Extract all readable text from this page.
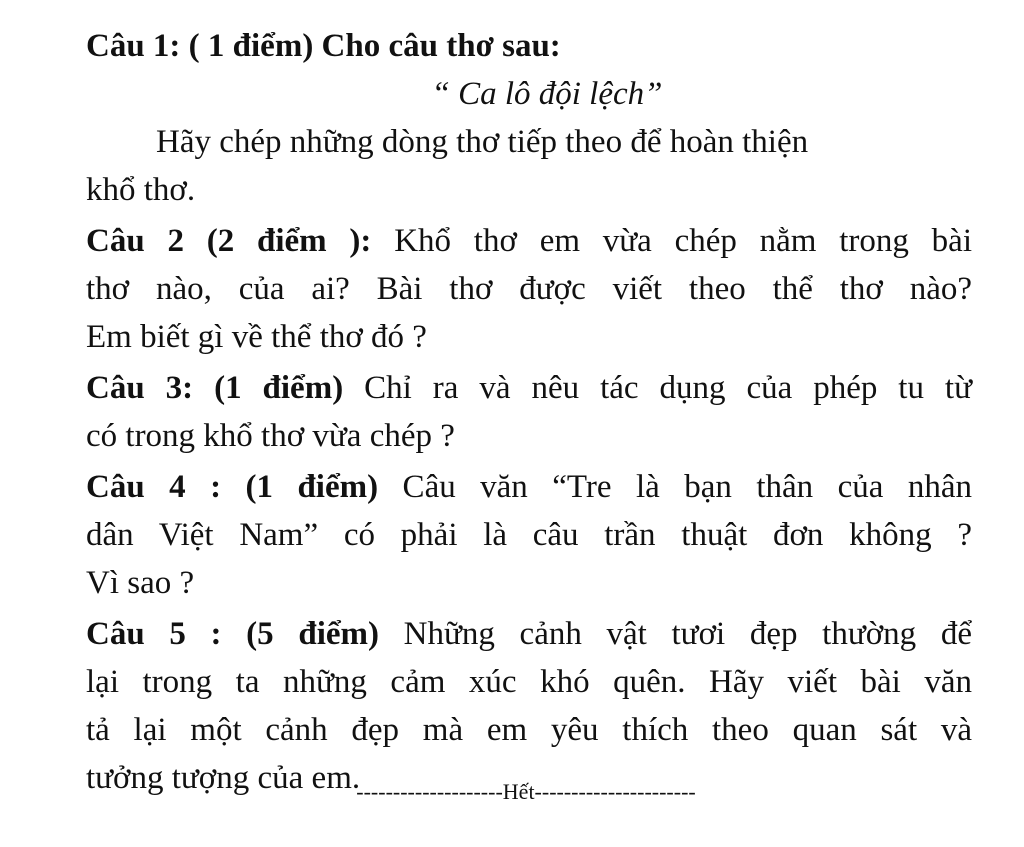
Câu 1: ( 1 điểm) Cho câu thơ sau:
“ Ca lô đội lệch”
Hãy chép những dòng thơ tiếp theo để hoàn thiện
khổ thơ.
Câu 2 (2 điểm ): Khổ thơ em vừa chép nằm trong bài
thơ nào, của ai? Bài thơ được viết theo thể thơ nào?
Em biết gì về thể thơ đó ?
Câu 3: (1 điểm) Chỉ ra và nêu tác dụng của phép tu từ
có trong khổ thơ vừa chép ?
Câu 4 : (1 điểm) Câu văn “Tre là bạn thân của nhân
dân Việt Nam” có phải là câu trần thuật đơn không ?
Vì sao ?
Câu 5 : (5 điểm) Những cảnh vật tươi đẹp thường để
lại trong ta những cảm xúc khó quên. Hãy viết bài văn
tả lại một cảnh đẹp mà em yêu thích theo quan sát và
tưởng tượng của em.
--------------------Hết----------------------
